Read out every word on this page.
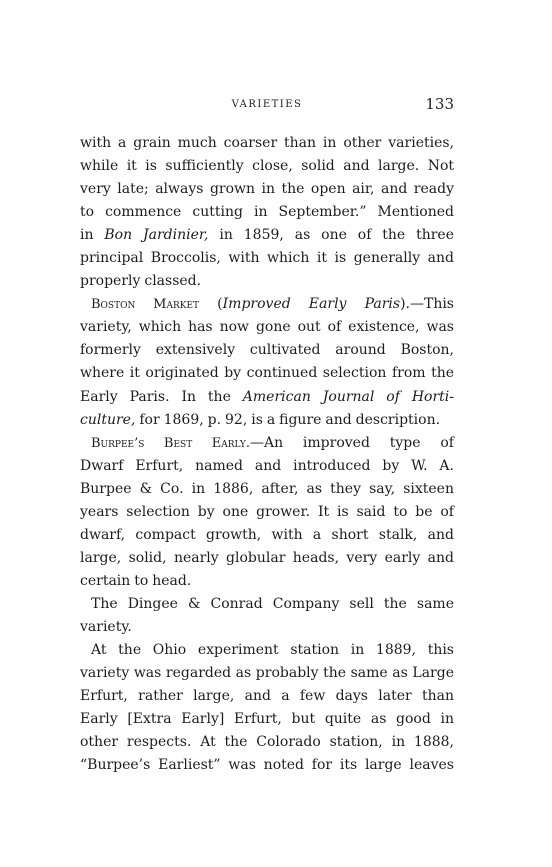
VARIETIES	133
with a grain much coarser than in other varieties,
while it is sufficiently close, solid and large. Not
very late; always grown in the open air, and ready
to commence cutting in September.” Mentioned
in Bon Jardinier, in 1859, as one of the three
principal Broccolis, with which it is generally and
properly classed.
Boston Market (Improved Early Paris).—This
variety, which has now gone out of existence, was
formerly extensively cultivated around Boston,
where it originated by continued selection from the
Early Paris. In the American Journal of Horti-
culture, for 1869, p. 92, is a figure and description.
Burpee’s Best Early.—An improved type of
Dwarf Erfurt, named and introduced by W. A.
Burpee & Co. in 1886, after, as they say, sixteen
years selection by one grower. It is said to be of
dwarf, compact growth, with a short stalk, and
large, solid, nearly globular heads, very early and
certain to head.
The Dingee & Conrad Company sell the same
variety.
At the Ohio experiment station in 1889, this
variety was regarded as probably the same as Large
Erfurt, rather large, and a few days later than
Early [Extra Early] Erfurt, but quite as good in
other respects. At the Colorado station, in 1888,
“Burpee’s Earliest” was noted for its large leaves
